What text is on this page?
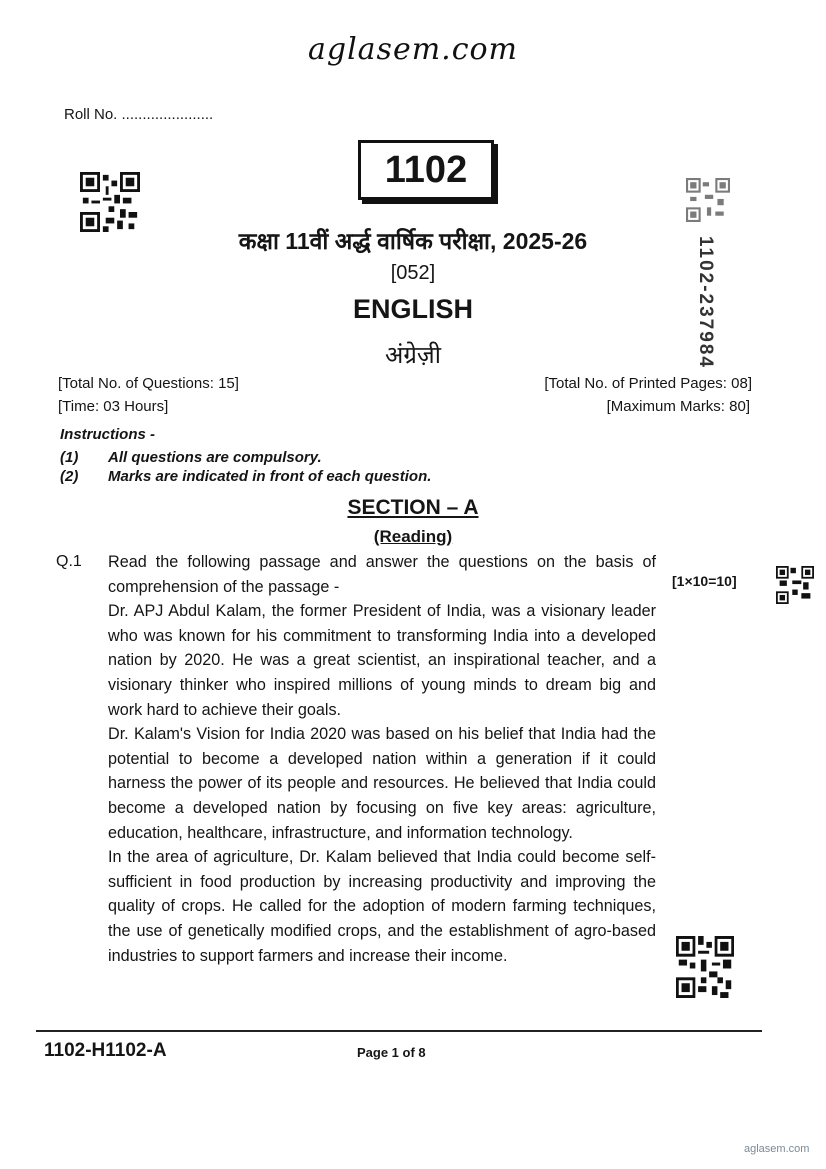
aglasem.com
Roll No. ......................
1102
1102-237984
कक्षा 11वीं अर्द्ध वार्षिक परीक्षा, 2025-26
[052]
ENGLISH
अंग्रेज़ी
[Total No. of Questions: 15]
[Time: 03 Hours]
[Total No. of Printed Pages: 08]
[Maximum Marks: 80]
Instructions -
(1) All questions are compulsory.
(2) Marks are indicated in front of each question.
SECTION – A
(Reading)
Q.1
[1×10=10]

Read the following passage and answer the questions on the basis of comprehension of the passage -

Dr. APJ Abdul Kalam, the former President of India, was a visionary leader who was known for his commitment to transforming India into a developed nation by 2020. He was a great scientist, an inspirational teacher, and a visionary thinker who inspired millions of young minds to dream big and work hard to achieve their goals.

Dr. Kalam's Vision for India 2020 was based on his belief that India had the potential to become a developed nation within a generation if it could harness the power of its people and resources. He believed that India could become a developed nation by focusing on five key areas: agriculture, education, healthcare, infrastructure, and information technology.

In the area of agriculture, Dr. Kalam believed that India could become self-sufficient in food production by increasing productivity and improving the quality of crops. He called for the adoption of modern farming techniques, the use of genetically modified crops, and the establishment of agro-based industries to support farmers and increase their income.

1102-H1102-A	Page 1 of 8
aglasem.com
